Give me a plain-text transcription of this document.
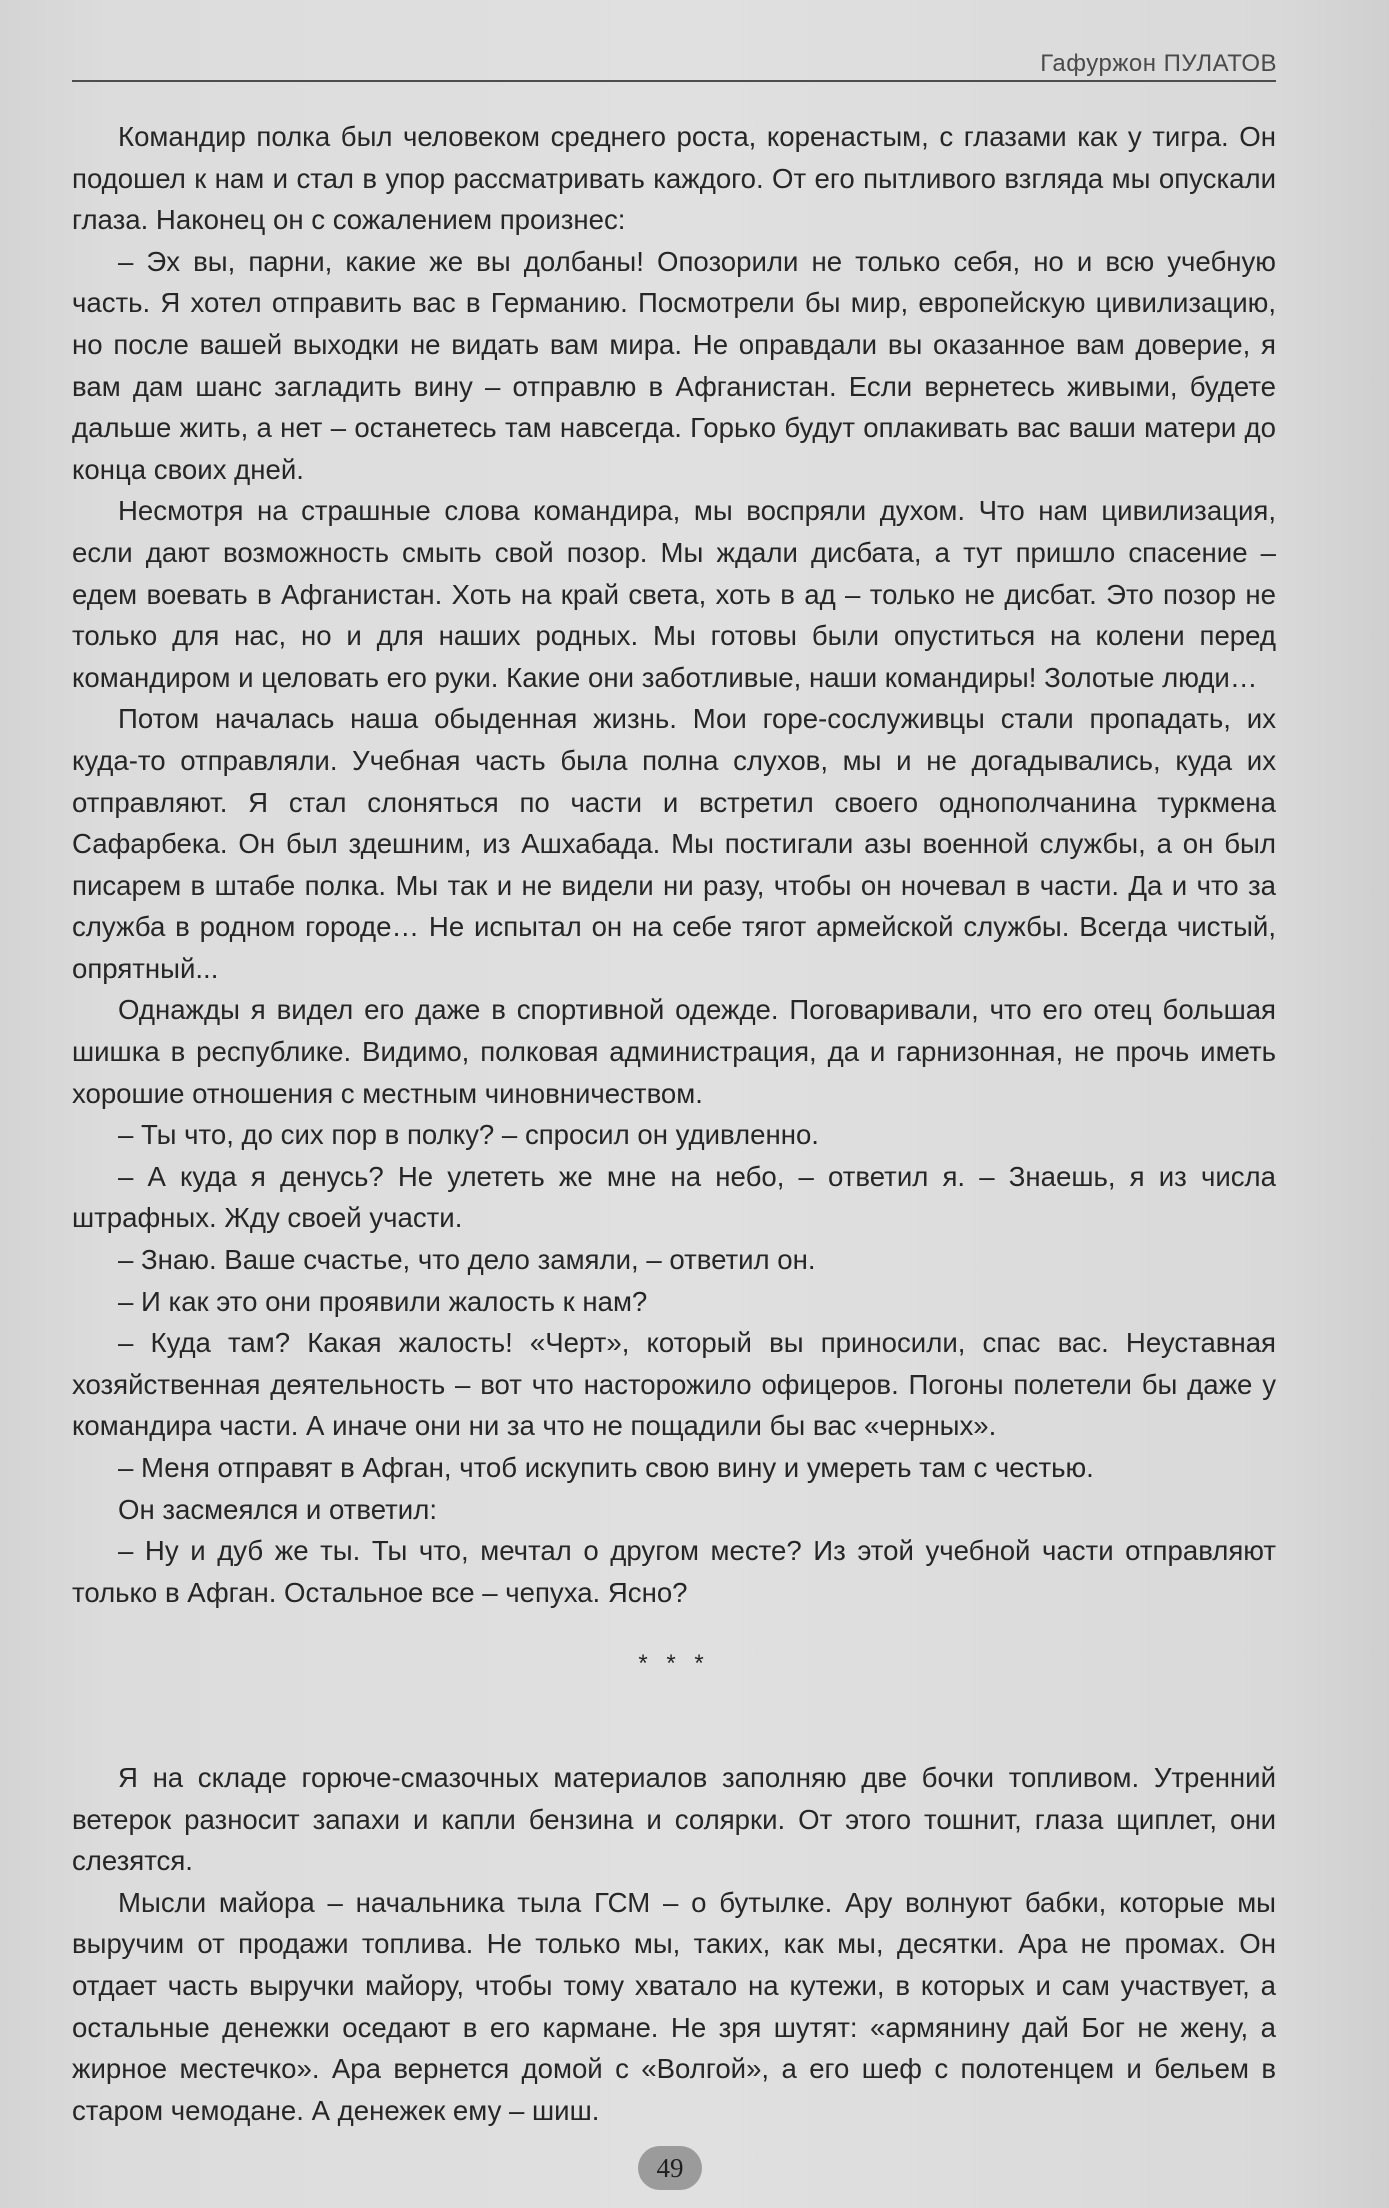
Гафуржон ПУЛАТОВ

Командир полка был человеком среднего роста, коренастым, с глазами как у тигра. Он подошел к нам и стал в упор рассматривать каждого. От его пытливого взгляда мы опускали глаза. Наконец он с сожалением произнес:

– Эх вы, парни, какие же вы долбаны! Опозорили не только себя, но и всю учебную часть. Я хотел отправить вас в Германию. Посмотрели бы мир, европейскую цивилизацию, но после вашей выходки не видать вам мира. Не оправдали вы оказанное вам доверие, я вам дам шанс загладить вину – отправлю в Афганистан. Если вернетесь живыми, будете дальше жить, а нет – останетесь там навсегда. Горько будут оплакивать вас ваши матери до конца своих дней.

Несмотря на страшные слова командира, мы воспряли духом. Что нам цивилизация, если дают возможность смыть свой позор. Мы ждали дисбата, а тут пришло спасение – едем воевать в Афганистан. Хоть на край света, хоть в ад – только не дисбат. Это позор не только для нас, но и для наших родных. Мы готовы были опуститься на колени перед командиром и целовать его руки. Какие они заботливые, наши командиры! Золотые люди…

Потом началась наша обыденная жизнь. Мои горе-сослуживцы стали пропадать, их куда-то отправляли. Учебная часть была полна слухов, мы и не догадывались, куда их отправляют. Я стал слоняться по части и встретил своего однополчанина туркмена Сафарбека. Он был здешним, из Ашхабада. Мы постигали азы военной службы, а он был писарем в штабе полка. Мы так и не видели ни разу, чтобы он ночевал в части. Да и что за служба в родном городе… Не испытал он на себе тягот армейской службы. Всегда чистый, опрятный...

Однажды я видел его даже в спортивной одежде. Поговаривали, что его отец большая шишка в республике. Видимо, полковая администрация, да и гарнизонная, не прочь иметь хорошие отношения с местным чиновничеством.

– Ты что, до сих пор в полку? – спросил он удивленно.

– А куда я денусь? Не улететь же мне на небо, – ответил я. – Знаешь, я из числа штрафных. Жду своей участи.

– Знаю. Ваше счастье, что дело замяли, – ответил он.

– И как это они проявили жалость к нам?

– Куда там? Какая жалость! «Черт», который вы приносили, спас вас. Неуставная хозяйственная деятельность – вот что насторожило офицеров. Погоны полетели бы даже у командира части. А иначе они ни за что не пощадили бы вас «черных».

– Меня отправят в Афган, чтоб искупить свою вину и умереть там с честью.

Он засмеялся и ответил:

– Ну и дуб же ты. Ты что, мечтал о другом месте? Из этой учебной части отправляют только в Афган. Остальное все – чепуха. Ясно?

* * *

Я на складе горюче-смазочных материалов заполняю две бочки топливом. Утренний ветерок разносит запахи и капли бензина и солярки. От этого тошнит, глаза щиплет, они слезятся.

Мысли майора – начальника тыла ГСМ – о бутылке. Ару волнуют бабки, которые мы выручим от продажи топлива. Не только мы, таких, как мы, десятки. Ара не промах. Он отдает часть выручки майору, чтобы тому хватало на кутежи, в которых и сам участвует, а остальные денежки оседают в его кармане. Не зря шутят: «армянину дай Бог не жену, а жирное местечко». Ара вернется домой с «Волгой», а его шеф с полотенцем и бельем в старом чемодане. А денежек ему – шиш.

49
